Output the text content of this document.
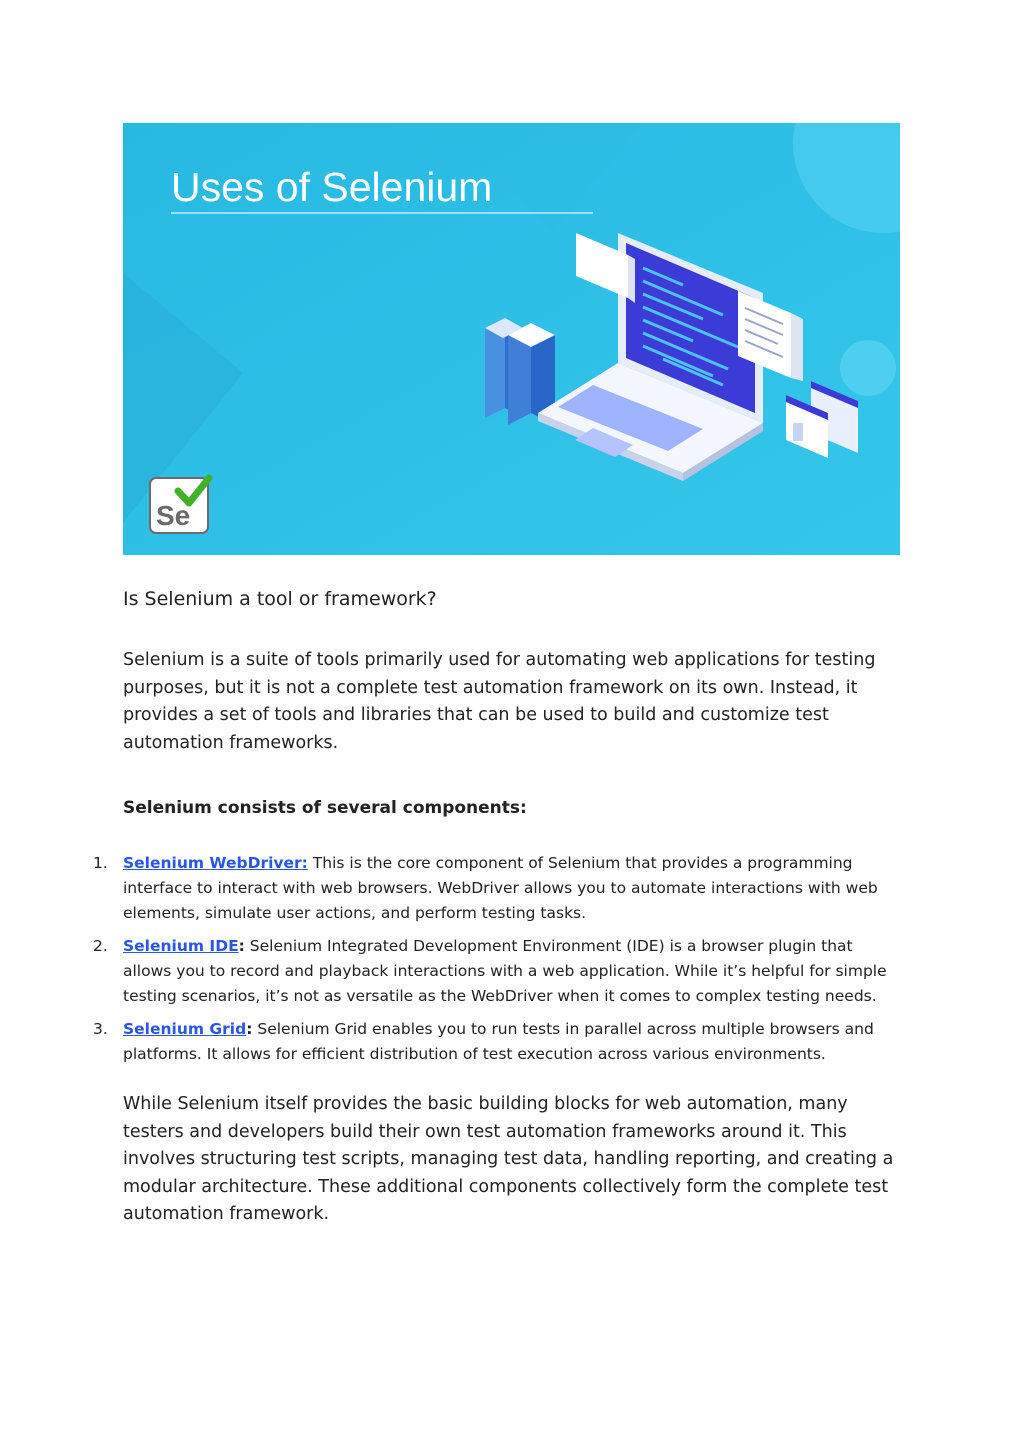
Uses of Selenium
Se
Is Selenium a tool or framework?

Selenium is a suite of tools primarily used for automating web applications for testing purposes, but it is not a complete test automation framework on its own. Instead, it provides a set of tools and libraries that can be used to build and customize test automation frameworks.

Selenium consists of several components:

1. Selenium WebDriver: This is the core component of Selenium that provides a programming interface to interact with web browsers. WebDriver allows you to automate interactions with web elements, simulate user actions, and perform testing tasks.
2. Selenium IDE: Selenium Integrated Development Environment (IDE) is a browser plugin that allows you to record and playback interactions with a web application. While it’s helpful for simple testing scenarios, it’s not as versatile as the WebDriver when it comes to complex testing needs.
3. Selenium Grid: Selenium Grid enables you to run tests in parallel across multiple browsers and platforms. It allows for efficient distribution of test execution across various environments.

While Selenium itself provides the basic building blocks for web automation, many testers and developers build their own test automation frameworks around it. This involves structuring test scripts, managing test data, handling reporting, and creating a modular architecture. These additional components collectively form the complete test automation framework.
